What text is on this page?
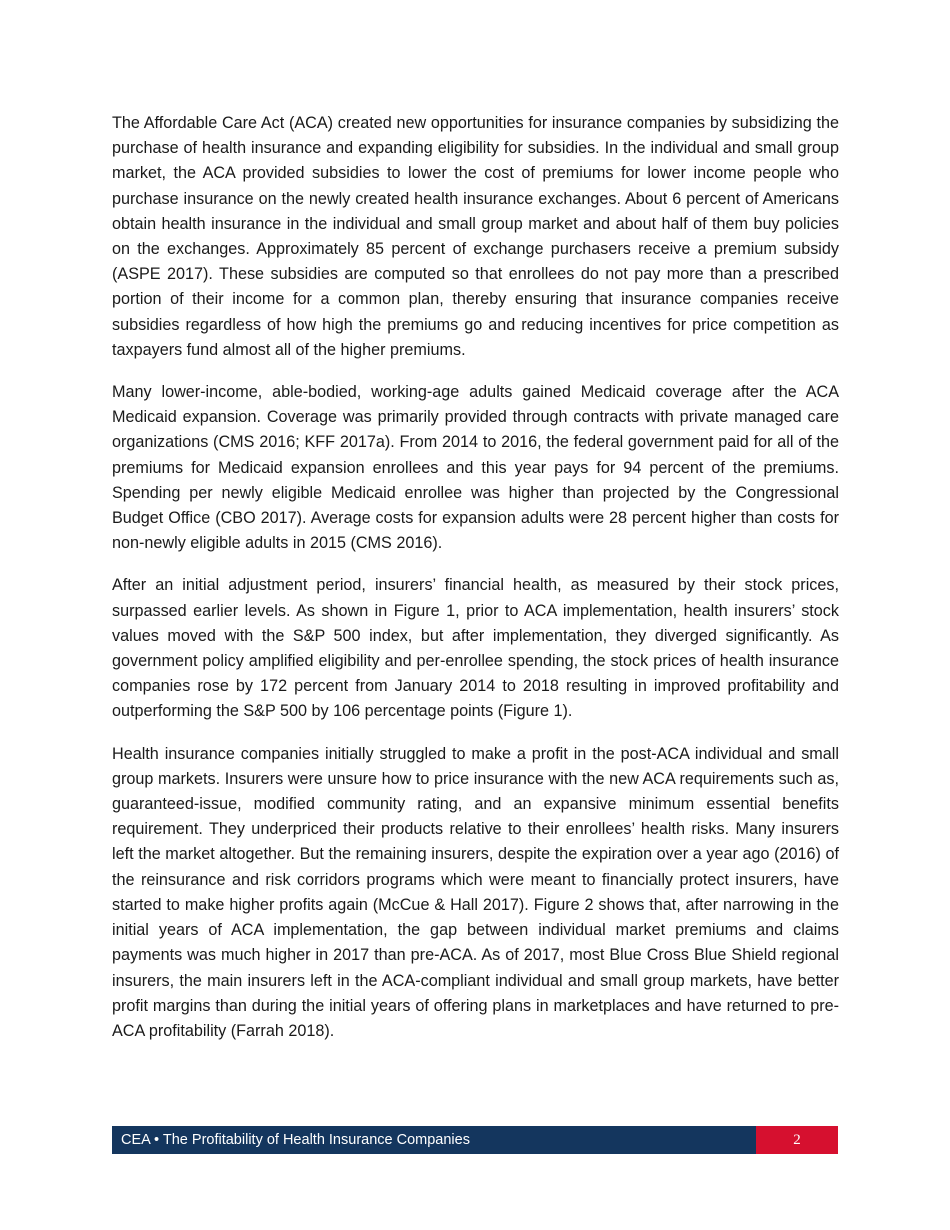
The Affordable Care Act (ACA) created new opportunities for insurance companies by subsidizing the purchase of health insurance and expanding eligibility for subsidies. In the individual and small group market, the ACA provided subsidies to lower the cost of premiums for lower income people who purchase insurance on the newly created health insurance exchanges. About 6 percent of Americans obtain health insurance in the individual and small group market and about half of them buy policies on the exchanges. Approximately 85 percent of exchange purchasers receive a premium subsidy (ASPE 2017). These subsidies are computed so that enrollees do not pay more than a prescribed portion of their income for a common plan, thereby ensuring that insurance companies receive subsidies regardless of how high the premiums go and reducing incentives for price competition as taxpayers fund almost all of the higher premiums.

Many lower-income, able-bodied, working-age adults gained Medicaid coverage after the ACA Medicaid expansion. Coverage was primarily provided through contracts with private managed care organizations (CMS 2016; KFF 2017a). From 2014 to 2016, the federal government paid for all of the premiums for Medicaid expansion enrollees and this year pays for 94 percent of the premiums. Spending per newly eligible Medicaid enrollee was higher than projected by the Congressional Budget Office (CBO 2017). Average costs for expansion adults were 28 percent higher than costs for non-newly eligible adults in 2015 (CMS 2016).

After an initial adjustment period, insurers’ financial health, as measured by their stock prices, surpassed earlier levels. As shown in Figure 1, prior to ACA implementation, health insurers’ stock values moved with the S&P 500 index, but after implementation, they diverged significantly. As government policy amplified eligibility and per-enrollee spending, the stock prices of health insurance companies rose by 172 percent from January 2014 to 2018 resulting in improved profitability and outperforming the S&P 500 by 106 percentage points (Figure 1).

Health insurance companies initially struggled to make a profit in the post-ACA individual and small group markets. Insurers were unsure how to price insurance with the new ACA requirements such as, guaranteed-issue, modified community rating, and an expansive minimum essential benefits requirement. They underpriced their products relative to their enrollees’ health risks. Many insurers left the market altogether. But the remaining insurers, despite the expiration over a year ago (2016) of the reinsurance and risk corridors programs which were meant to financially protect insurers, have started to make higher profits again (McCue & Hall 2017). Figure 2 shows that, after narrowing in the initial years of ACA implementation, the gap between individual market premiums and claims payments was much higher in 2017 than pre-ACA. As of 2017, most Blue Cross Blue Shield regional insurers, the main insurers left in the ACA-compliant individual and small group markets, have better profit margins than during the initial years of offering plans in marketplaces and have returned to pre-ACA profitability (Farrah 2018).

CEA • The Profitability of Health Insurance Companies	2
